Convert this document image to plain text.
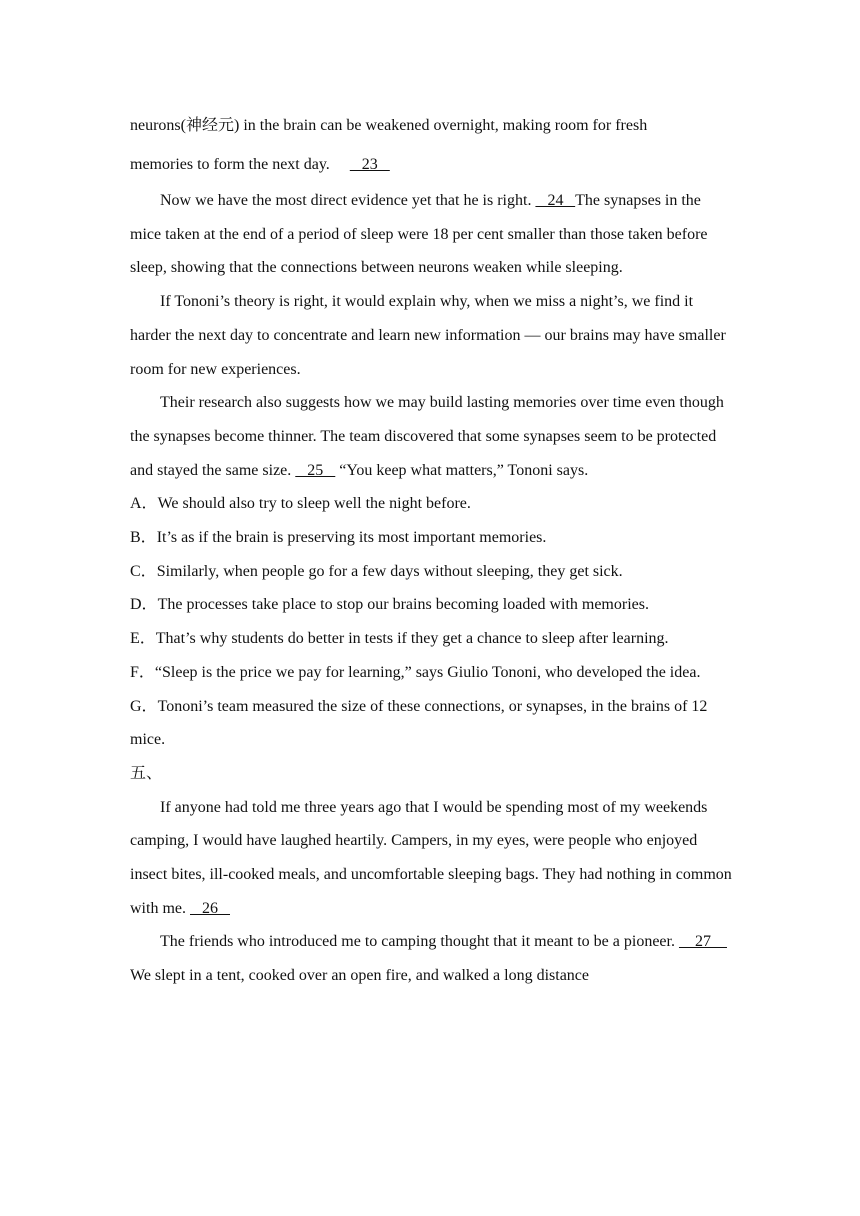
neurons(神经元) in the brain can be weakened overnight, making room for fresh

memories to form the next day.        23

Now we have the most direct evidence yet that he is right.    24   The synapses in the mice taken at the end of a period of sleep were 18 per cent smaller than those taken before sleep, showing that the connections between neurons weaken while sleeping.

If Tononi’s theory is right, it would explain why, when we miss a night’s, we find it harder the next day to concentrate and learn new information — our brains may have smaller room for new experiences.

Their research also suggests how we may build lasting memories over time even though the synapses become thinner. The team discovered that some synapses seem to be protected and stayed the same size.    25    “You keep what matters,” Tononi says.

A．We should also try to sleep well the night before.

B．It’s as if the brain is preserving its most important memories.

C．Similarly, when people go for a few days without sleeping, they get sick.

D．The processes take place to stop our brains becoming loaded with memories.

E．That’s why students do better in tests if they get a chance to sleep after learning.

F．“Sleep is the price we pay for learning,” says Giulio Tononi, who developed the idea.

G．Tononi’s team measured the size of these connections, or synapses, in the brains of 12 mice.

五、

If anyone had told me three years ago that I would be spending most of my weekends camping, I would have laughed heartily. Campers, in my eyes, were people who enjoyed insect bites, ill-cooked meals, and uncomfortable sleeping bags. They had nothing in common with me.    26

The friends who introduced me to camping thought that it meant to be a pioneer.     27     We slept in a tent, cooked over an open fire, and walked a long distance
